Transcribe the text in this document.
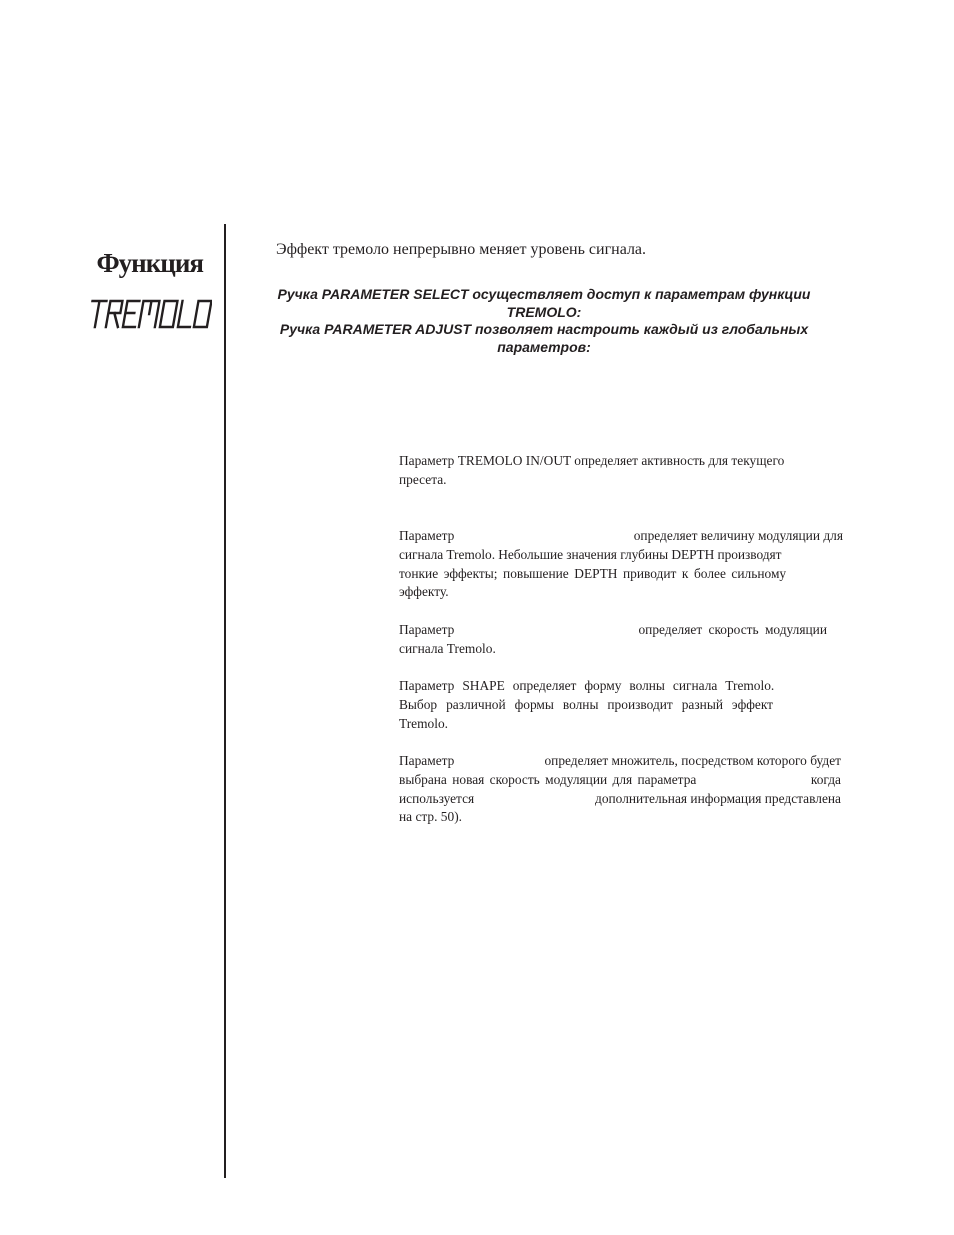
Функция	Эффект тремоло непрерывно меняет уровень сигнала.
Ручка PARAMETER SELECT осуществляет доступ к параметрам функции
TREMOLO:
Ручка PARAMETER ADJUST позволяет настроить каждый из глобальных
параметров:
Параметр TREMOLO IN/OUT определяет активность для текущего
пресета.
Параметр	определяет величину модуляции для
сигнала Tremolo. Небольшие значения глубины DEPTH производят
тонкие эффекты; повышение DEPTH приводит к более сильному
эффекту.
Параметр	определяет скорость модуляции
сигнала Tremolo.
Параметр SHAPE определяет форму волны сигнала Tremolo.
Выбор различной формы волны производит разный эффект
Tremolo.
Параметр	определяет множитель, посредством которого будет
выбрана новая скорость модуляции для параметра	когда
используется	дополнительная информация представлена
на стр. 50).
